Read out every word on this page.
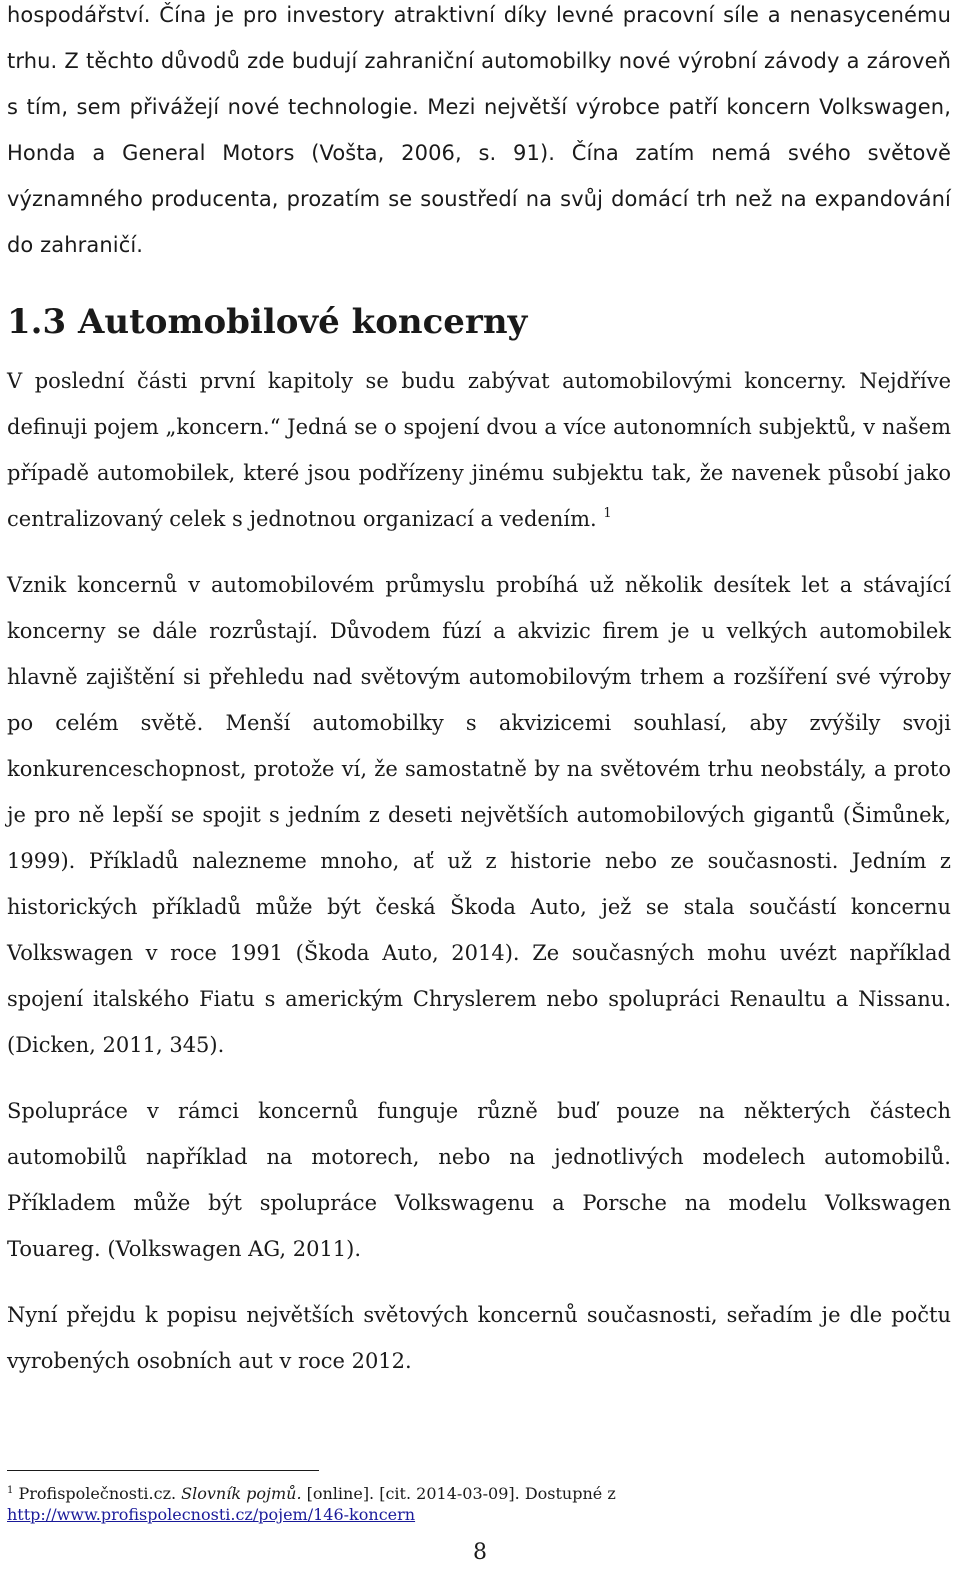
hospodářství. Čína je pro investory atraktivní díky levné pracovní síle a nenasycenému trhu. Z těchto důvodů zde budují zahraniční automobilky nové výrobní závody a zároveň s tím, sem přivážejí nové technologie. Mezi největší výrobce patří koncern Volkswagen, Honda a General Motors (Vošta, 2006, s. 91). Čína zatím nemá svého světově významného producenta, prozatím se soustředí na svůj domácí trh než na expandování do zahraničí.

1.3 Automobilové koncerny

V poslední části první kapitoly se budu zabývat automobilovými koncerny. Nejdříve definuji pojem „koncern.“ Jedná se o spojení dvou a více autonomních subjektů, v našem případě automobilek, které jsou podřízeny jinému subjektu tak, že navenek působí jako centralizovaný celek s jednotnou organizací a vedením. $^1$

Vznik koncernů v automobilovém průmyslu probíhá už několik desítek let a stávající koncerny se dále rozrůstají. Důvodem fúzí a akvizic firem je u velkých automobilek hlavně zajištění si přehledu nad světovým automobilovým trhem a rozšíření své výroby po celém světě. Menší automobilky s akvizicemi souhlasí, aby zvýšily svoji konkurenceschopnost, protože ví, že samostatně by na světovém trhu neobstály, a proto je pro ně lepší se spojit s jedním z deseti největších automobilových gigantů (Šimůnek, 1999). Příkladů nalezneme mnoho, ať už z historie nebo ze současnosti. Jedním z historických příkladů může být česká Škoda Auto, jež se stala součástí koncernu Volkswagen v roce 1991 (Škoda Auto, 2014). Ze současných mohu uvézt například spojení italského Fiatu s americkým Chryslerem nebo spolupráci Renaultu a Nissanu. (Dicken, 2011, 345).

Spolupráce v rámci koncernů funguje různě buď pouze na některých částech automobilů například na motorech, nebo na jednotlivých modelech automobilů. Příkladem může být spolupráce Volkswagenu a Porsche na modelu Volkswagen Touareg. (Volkswagen AG, 2011).

Nyní přejdu k popisu největších světových koncernů současnosti, seřadím je dle počtu vyrobených osobních aut v roce 2012.

$^1$ Profispolečnosti.cz. Slovník pojmů. [online]. [cit. 2014-03-09]. Dostupné z http://www.profispolecnosti.cz/pojem/146-koncern
8
